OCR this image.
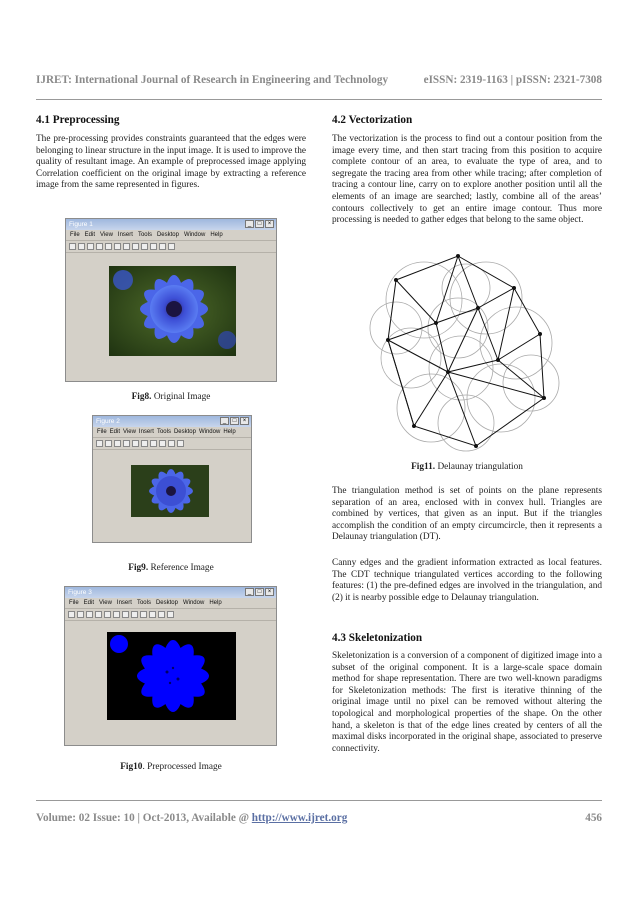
IJRET: International Journal of Research in Engineering and Technology	eISSN: 2319-1163 | pISSN: 2321-7308
4.1 Preprocessing

The pre-processing provides constraints guaranteed that the edges were belonging to linear structure in the input image. It is used to improve the quality of resultant image. An example of preprocessed image applying Correlation coefficient on the original image by extracting a reference image from the same represented in figures.

Figure 1	_	□	×
File Edit View Insert Tools Desktop Window Help
Fig8. Original Image
Figure 2	_	□	×
File Edit View Insert Tools Desktop Window Help
Fig9. Reference Image
Figure 3	_	□	×
File Edit View Insert Tools Desktop Window Help
Fig10. Preprocessed Image
4.2 Vectorization

The vectorization is the process to find out a contour position from the image every time, and then start tracing from this position to acquire complete contour of an area, to evaluate the type of area, and to segregate the tracing area from other while tracing; after completion of tracing a contour line, carry on to explore another position until all the elements of an image are searched; lastly, combine all of the areas’ contours collectively to get an entire image contour. Thus more processing is needed to gather edges that belong to the same object.

Fig11. Delaunay triangulation

The triangulation method is set of points on the plane represents separation of an area, enclosed with in convex hull. Triangles are combined by vertices, that given as an input. But if the triangles accomplish the condition of an empty circumcircle, then it represents a Delaunay triangulation (DT).

Canny edges and the gradient information extracted as local features. The CDT technique triangulated vertices according to the following features: (1) the pre-defined edges are involved in the triangulation, and (2) it is nearby possible edge to Delaunay triangulation.

4.3 Skeletonization

Skeletonization is a conversion of a component of digitized image into a subset of the original component. It is a large-scale space domain method for shape representation. There are two well-known paradigms for Skeletonization methods: The first is iterative thinning of the original image until no pixel can be removed without altering the topological and morphological properties of the shape. On the other hand, a skeleton is that of the edge lines created by centers of all the maximal disks incorporated in the original shape, associated to preserve connectivity.

Volume: 02 Issue: 10 | Oct-2013, Available @ http://www.ijret.org	456
